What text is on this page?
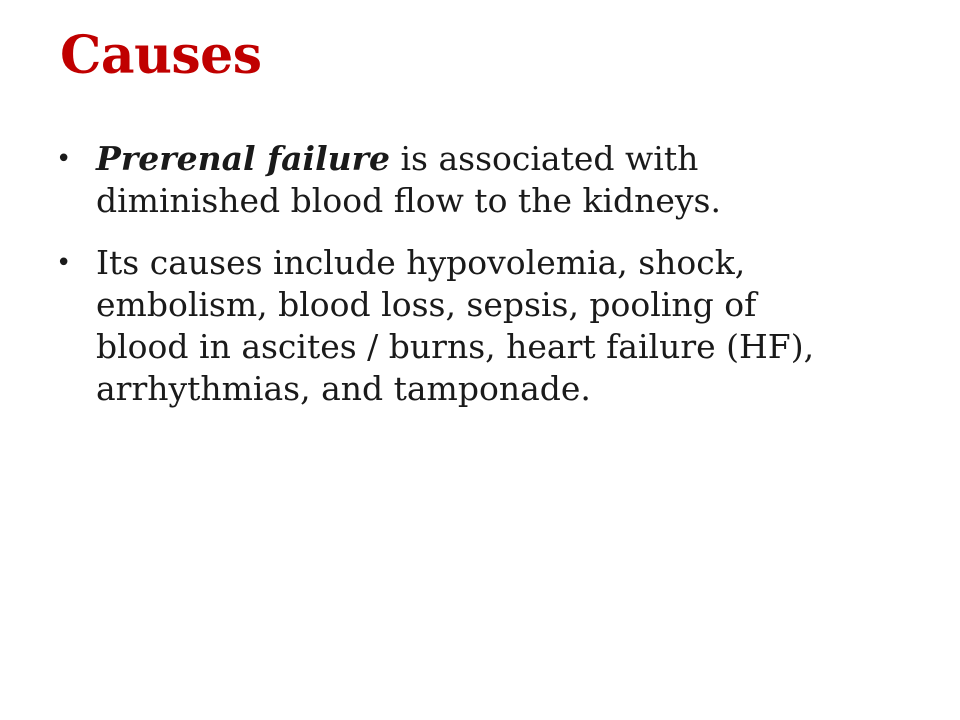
Causes
• Prerenal failure is associated with diminished blood flow to the kidneys.
• Its causes include hypovolemia, shock, embolism, blood loss, sepsis, pooling of blood in ascites / burns, heart failure (HF), arrhythmias, and tamponade.
